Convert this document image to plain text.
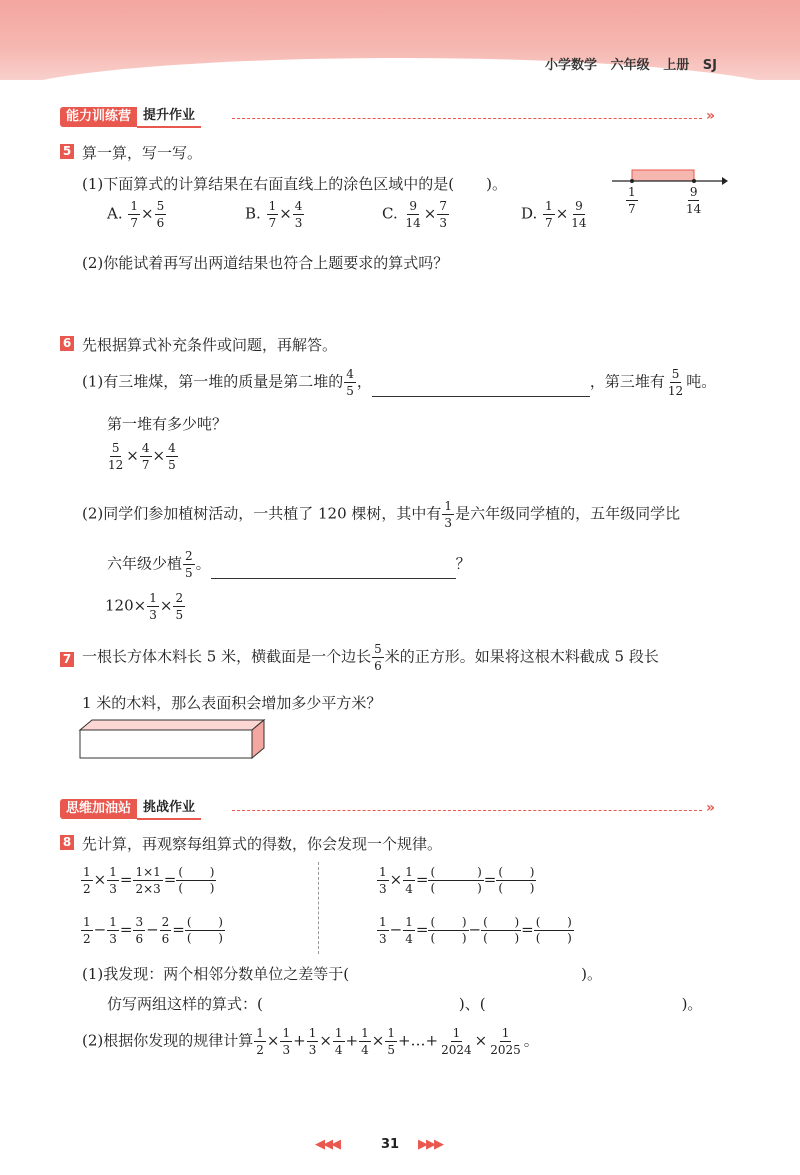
小学数学 六年级 上册 SJ
能力训练营 提升作业	»
5 算一算，写一写。
(1)下面算式的计算结果在右面直线上的涂色区域中的是( )。
A. $\frac{1}{7} \times \frac{5}{6}$	B. $\frac{1}{7} \times \frac{4}{3}$	C. $\frac{9}{14} \times \frac{7}{3}$	D. $\frac{1}{7} \times \frac{9}{14}$	$\frac{1}{7}$	$\frac{9}{14}$
(2)你能试着再写出两道结果也符合上题要求的算式吗？
6 先根据算式补充条件或问题，再解答。
(1)有三堆煤，第一堆的质量是第二堆的 $\frac{4}{5}$ ，	，第三堆有 $\frac{5}{12}$ 吨。
第一堆有多少吨？
$\frac{5}{12} \times \frac{4}{7} \times \frac{4}{5}$
(2)同学们参加植树活动，一共植了 120 棵树，其中有 $\frac{1}{3}$ 是六年级同学植的，五年级同学比
六年级少植 $\frac{2}{5}$ 。	？
$120\times \frac{1}{3} \times \frac{2}{5}$
7 一根长方体木料长 5 米，横截面是一个边长 $\frac{5}{6}$ 米的正方形。如果将这根木料截成 5 段长
1 米的木料，那么表面积会增加多少平方米？
思维加油站 挑战作业	»
8 先计算，再观察每组算式的得数，你会发现一个规律。
$\frac{1}{2} \times \frac{1}{3} = \frac{1\times 1}{2\times 3}$ = (       )
(       )
$\frac{1}{2} - \frac{1}{3} = \frac{3}{6} - \frac{2}{6}$ = (       )
(       )
$\frac{1}{3} \times \frac{1}{4}$ = (           )
(           ) = (       )
(       )
$\frac{1}{3} - \frac{1}{4}$ = (       )
(       ) − (       )
(       ) = (       )
(       )
(1)我发现：两个相邻分数单位之差等于(	)。
仿写两组这样的算式：(	)、(	)。
(2)根据你发现的规律计算 $\frac{1}{2} \times \frac{1}{3} + \frac{1}{3} \times \frac{1}{4} + \frac{1}{4} \times \frac{1}{5}$ +…+ $\frac{1}{2024} \times \frac{1}{2025}$ 。
◀◀◀	31 ▶▶▶
